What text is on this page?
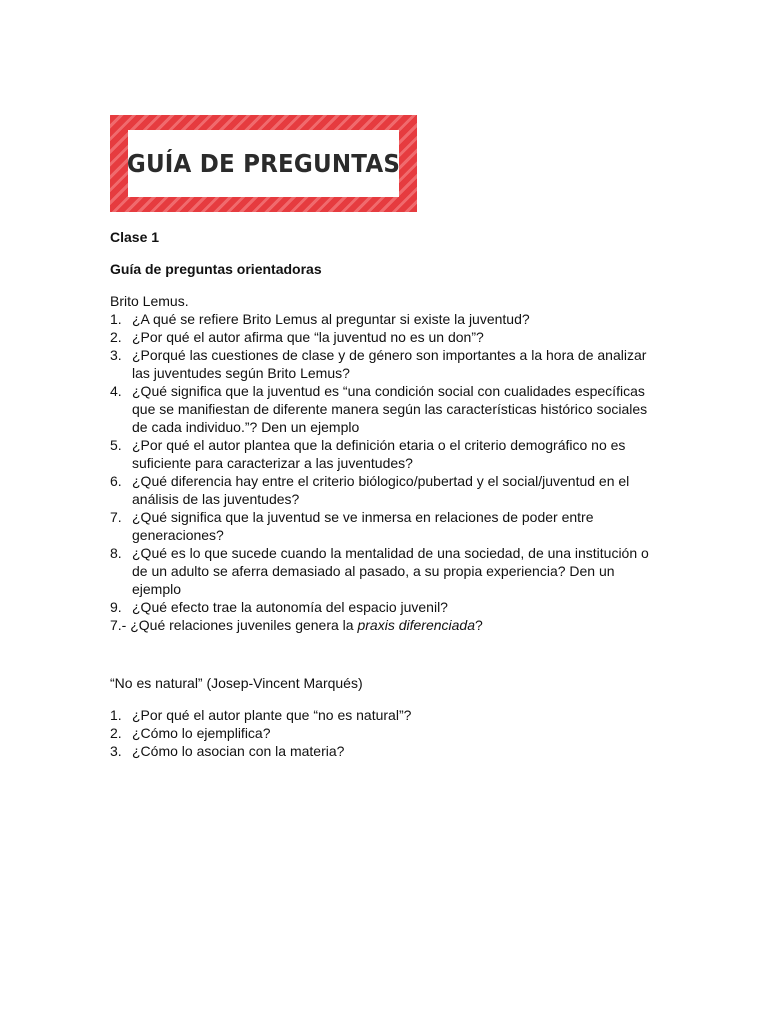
GUÍA DE PREGUNTAS

Clase 1

Guía de preguntas orientadoras

Brito Lemus.

1. ¿A qué se refiere Brito Lemus al preguntar si existe la juventud?
2. ¿Por qué el autor afirma que “la juventud no es un don”?
3. ¿Porqué las cuestiones de clase y de género son importantes a la hora de analizar las juventudes según Brito Lemus?
4. ¿Qué significa que la juventud es “una condición social con cualidades específicas que se manifiestan de diferente manera según las características histórico sociales de cada individuo.”? Den un ejemplo
5. ¿Por qué el autor plantea que la definición etaria o el criterio demográfico no es suficiente para caracterizar a las juventudes?
6. ¿Qué diferencia hay entre el criterio biólogico/pubertad y el social/juventud en el análisis de las juventudes?
7. ¿Qué significa que la juventud se ve inmersa en relaciones de poder entre generaciones?
8. ¿Qué es lo que sucede cuando la mentalidad de una sociedad, de una institución o de un adulto se aferra demasiado al pasado, a su propia experiencia? Den un ejemplo
9. ¿Qué efecto trae la autonomía del espacio juvenil?

7.- ¿Qué relaciones juveniles genera la praxis diferenciada?

“No es natural” (Josep-Vincent Marqués)

1. ¿Por qué el autor plante que “no es natural”?
2. ¿Cómo lo ejemplifica?
3. ¿Cómo lo asocian con la materia?
